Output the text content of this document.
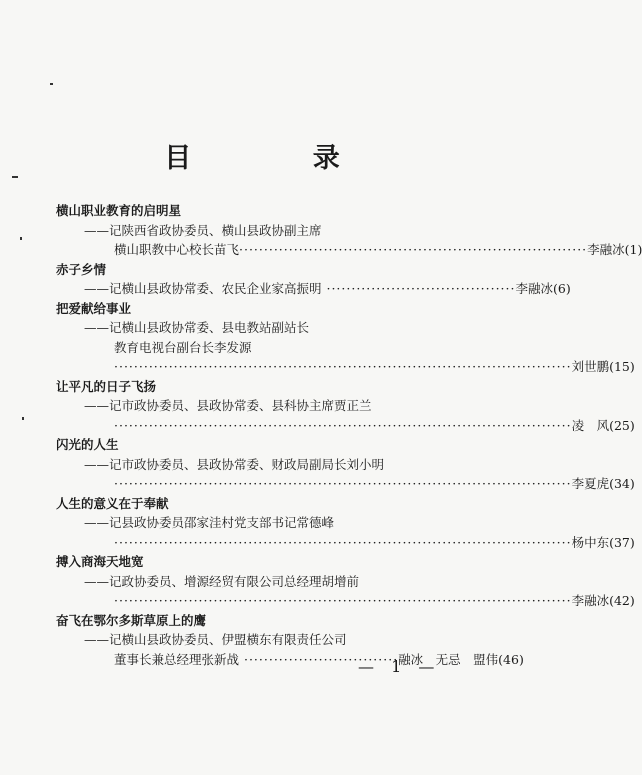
目 录
横山职业教育的启明星
——记陕西省政协委员、横山县政协副主席
横山职教中心校长苗飞 ······································································ 李融冰(1)
赤子乡情
——记横山县政协常委、农民企业家高振明 ······································ 李融冰(6)
把爱献给事业
——记横山县政协常委、县电教站副站长
教育电视台副台长李发源
···························································································· 刘世鹏(15)
让平凡的日子飞扬
——记市政协委员、县政协常委、县科协主席贾正兰
···························································································· 凌　风(25)
闪光的人生
——记市政协委员、县政协常委、财政局副局长刘小明
···························································································· 李夏虎(34)
人生的意义在于奉献
——记县政协委员邵家洼村党支部书记常德峰
···························································································· 杨中东(37)
搏入商海天地宽
——记政协委员、增源经贸有限公司总经理胡增前
···························································································· 李融冰(42)
奋飞在鄂尔多斯草原上的鹰
——记横山县政协委员、伊盟横东有限责任公司
董事长兼总经理张新战 ······························· 融冰　无忌　盟伟(46)
— 1 —
